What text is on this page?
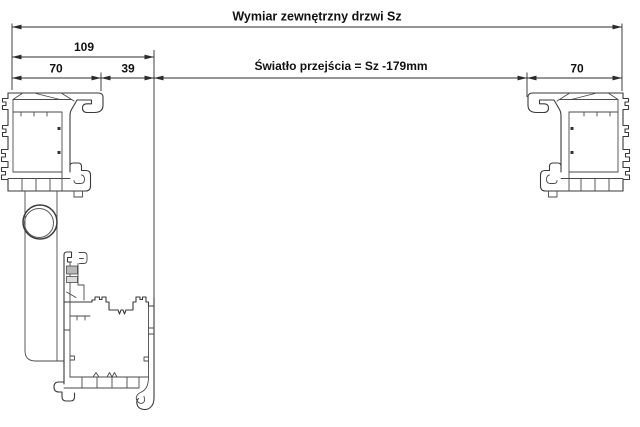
Wymiar zewnętrzny drzwi Sz
109
70	39	Światło przejścia = Sz -179mm	70
